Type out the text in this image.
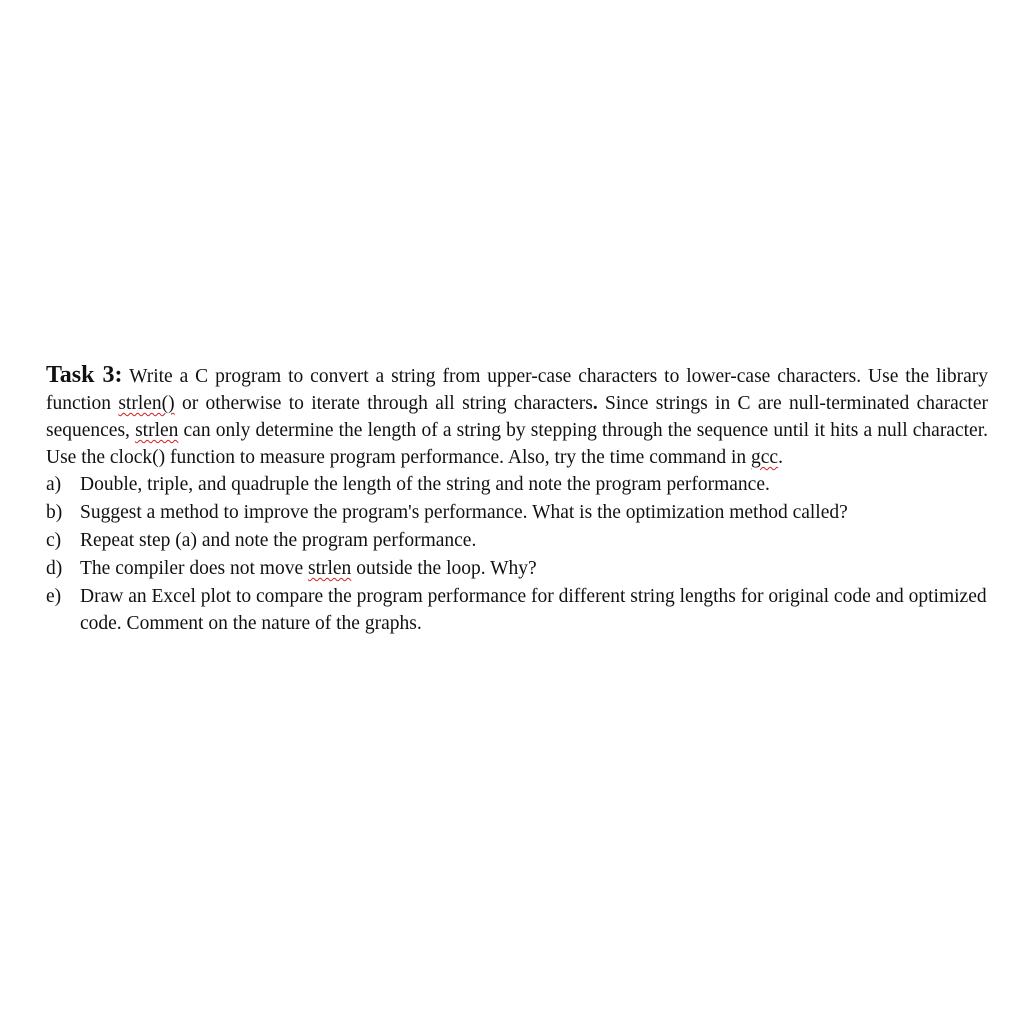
Task 3: Write a C program to convert a string from upper-case characters to lower-case characters. Use the library function strlen() or otherwise to iterate through all string characters. Since strings in C are null-terminated character sequences, strlen can only determine the length of a string by stepping through the sequence until it hits a null character. Use the clock() function to measure program performance. Also, try the time command in gcc.

a) Double, triple, and quadruple the length of the string and note the program performance.
b) Suggest a method to improve the program's performance. What is the optimization method called?
c) Repeat step (a) and note the program performance.
d) The compiler does not move strlen outside the loop. Why?
e) Draw an Excel plot to compare the program performance for different string lengths for original code and optimized code. Comment on the nature of the graphs.
